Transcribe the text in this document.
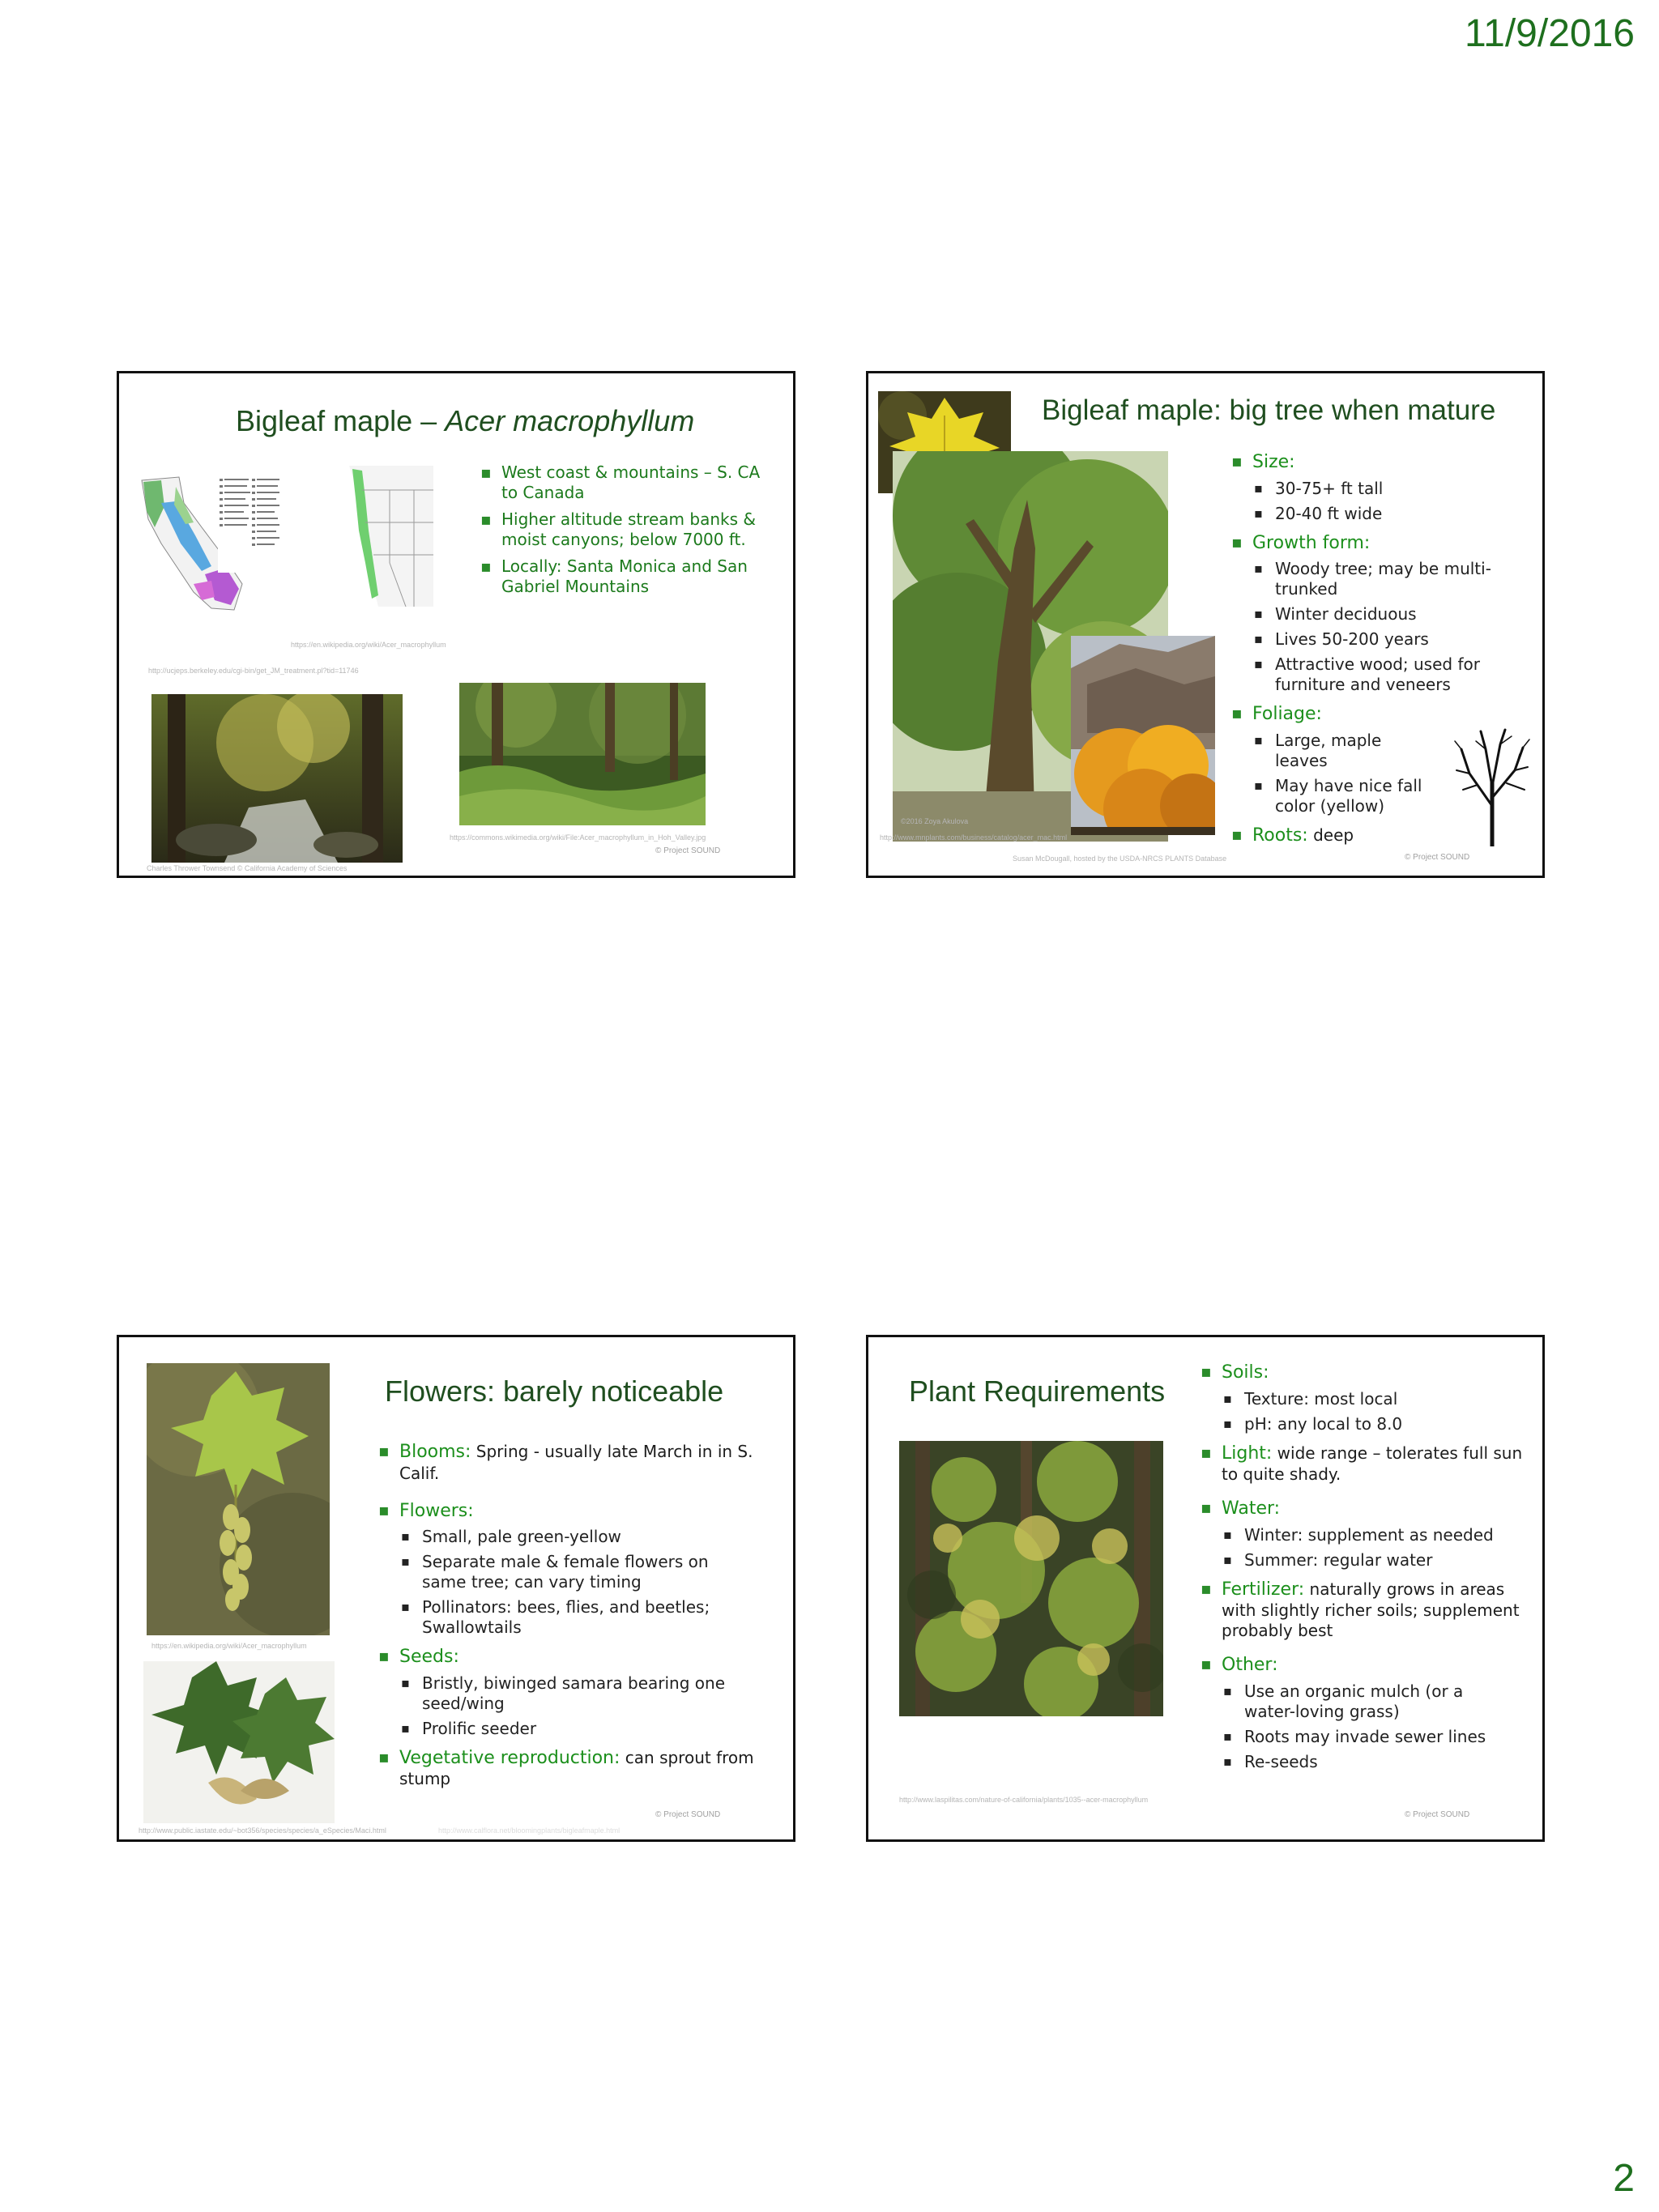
11/9/2016
Bigleaf maple – Acer macrophyllum
https://en.wikipedia.org/wiki/Acer_macrophyllum
http://ucjeps.berkeley.edu/cgi-bin/get_JM_treatment.pl?tid=11746
▪ West coast & mountains – S. CA to Canada
▪ Higher altitude stream banks & moist canyons; below 7000 ft.
▪ Locally: Santa Monica and San Gabriel Mountains
https://commons.wikimedia.org/wiki/File:Acer_macrophyllum_in_Hoh_Valley.jpg
© Project SOUND
Charles Thrower Townsend © California Academy of Sciences
Bigleaf maple: big tree when mature
©2016 Zoya Akulova
http://www.mnplants.com/business/catalog/acer_mac.html
Susan McDougall, hosted by the USDA-NRCS PLANTS Database
▪ Size:
▪ 30-75+ ft tall
▪ 20-40 ft wide
▪ Growth form:
▪ Woody tree; may be multi-trunked
▪ Winter deciduous
▪ Lives 50-200 years
▪ Attractive wood; used for furniture and veneers
▪ Foliage:
▪ Large, maple leaves
▪ May have nice fall color (yellow)
▪ Roots: deep
© Project SOUND
Flowers: barely noticeable
https://en.wikipedia.org/wiki/Acer_macrophyllum
http://www.public.iastate.edu/~bot356/species/species/a_eSpecies/Maci.html	http://www.calflora.net/bloomingplants/bigleafmaple.html
▪ Blooms: Spring - usually late March in in S. Calif.
▪ Flowers:
▪ Small, pale green-yellow
▪ Separate male & female flowers on same tree; can vary timing
▪ Pollinators: bees, flies, and beetles; Swallowtails
▪ Seeds:
▪ Bristly, biwinged samara bearing one seed/wing
▪ Prolific seeder
▪ Vegetative reproduction: can sprout from stump
© Project SOUND
Plant Requirements
http://www.laspilitas.com/nature-of-california/plants/1035--acer-macrophyllum
▪ Soils:
▪ Texture: most local
▪ pH: any local to 8.0
▪ Light: wide range – tolerates full sun to quite shady.
▪ Water:
▪ Winter: supplement as needed
▪ Summer: regular water
▪ Fertilizer: naturally grows in areas with slightly richer soils; supplement probably best
▪ Other:
▪ Use an organic mulch (or a water-loving grass)
▪ Roots may invade sewer lines
▪ Re-seeds
© Project SOUND
2
